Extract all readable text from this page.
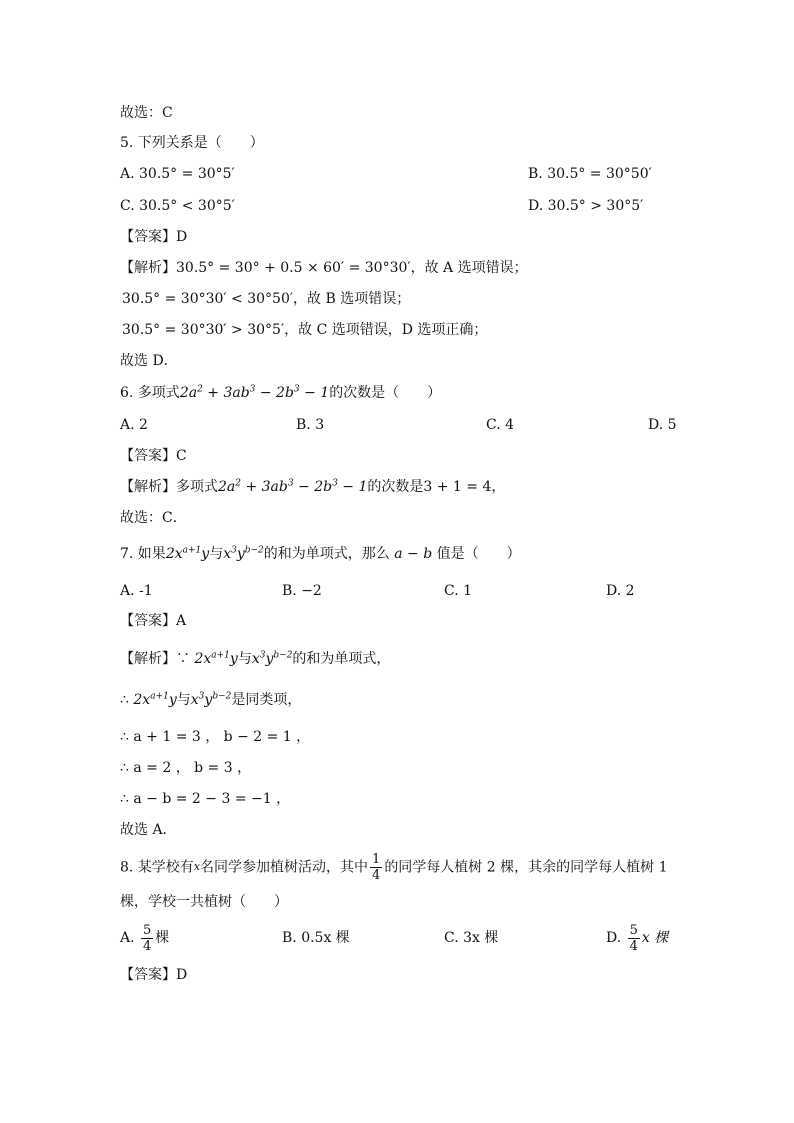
故选：C
5. 下列关系是（　　）
A. 30.5° = 30°5′	B. 30.5° = 30°50′
C. 30.5° < 30°5′	D. 30.5° > 30°5′
【答案】D
【解析】30.5° = 30° + 0.5 × 60′ = 30°30′，故 A 选项错误；
30.5° = 30°30′ < 30°50′，故 B 选项错误；
30.5° = 30°30′ > 30°5′，故 C 选项错误，D 选项正确；
故选 D．
6. 多项式$2a^2 + 3ab^3 - 2b^3 - 1$的次数是（　　）
A. 2	B. 3	C. 4	D. 5
【答案】C
【解析】多项式$2a^2 + 3ab^3 - 2b^3 - 1$的次数是3 + 1 = 4，
故选：C．
7. 如果$2x^{a+1}y$与$x^3y^{b-2}$的和为单项式，那么 a − b 值是（　　）
A. -1	B. −2	C. 1	D. 2
【答案】A
【解析】∵ $2x^{a+1}y$与$x^3y^{b-2}$的和为单项式，
∴ $2x^{a+1}y$与$x^3y^{b-2}$是同类项，
∴ a + 1 = 3 ， b − 2 = 1 ，
∴ a = 2 ， b = 3 ，
∴ a − b = 2 − 3 = −1 ，
故选 A．
8. 某学校有$^x$名同学参加植树活动，其中 $\frac{1}{4}$ 的同学每人植树 2 棵，其余的同学每人植树 1
棵，学校一共植树（　　）
A. $\frac{5}{4}$ 棵	B. 0.5x 棵	C. 3x 棵	D. $\frac{5}{4}$ x 棵
【答案】D
